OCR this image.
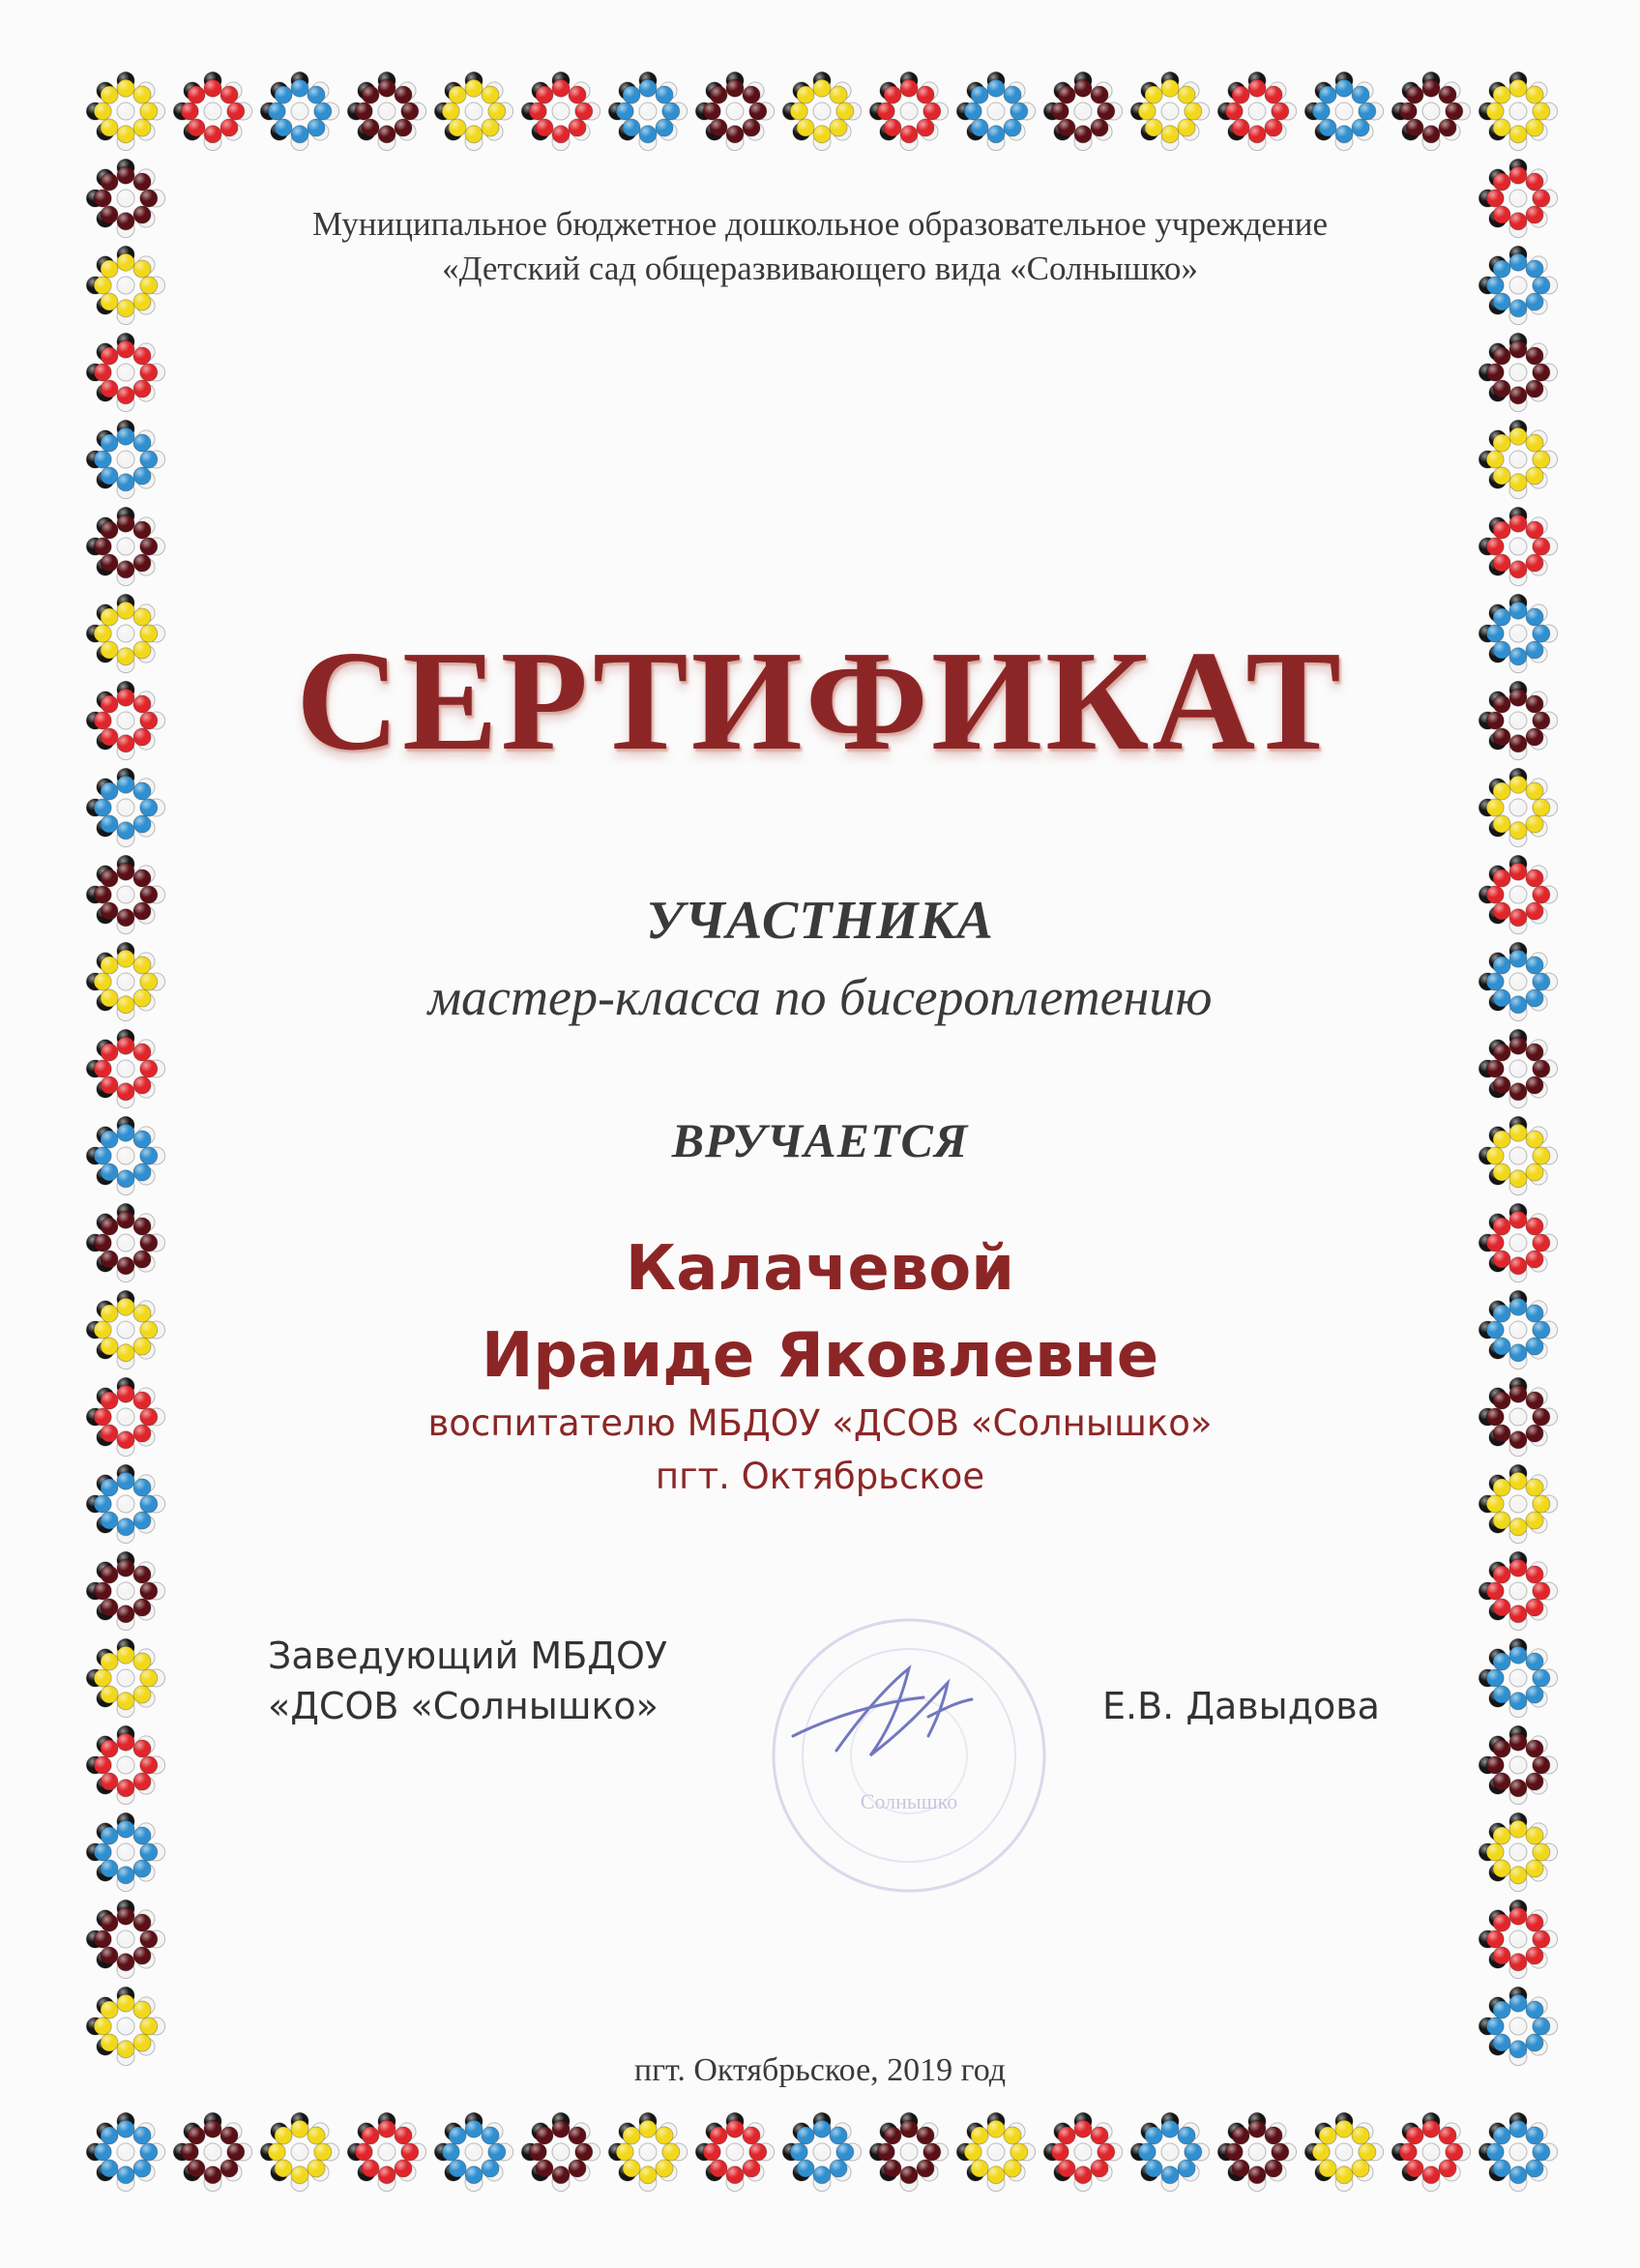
Муниципальное бюджетное дошкольное образовательное учреждение

«Детский сад общеразвивающего вида «Солнышко»

СЕРТИФИКАТ

УЧАСТНИКА

мастер-класса по бисероплетению

ВРУЧАЕТСЯ

Калачевой

Ираиде Яковлевне

воспитателю МБДОУ «ДСОВ «Солнышко»

пгт. Октябрьское

Заведующий МБДОУ
«ДСОВ «Солнышко»
Солнышко
Е.В. Давыдова

пгт. Октябрьское, 2019 год
